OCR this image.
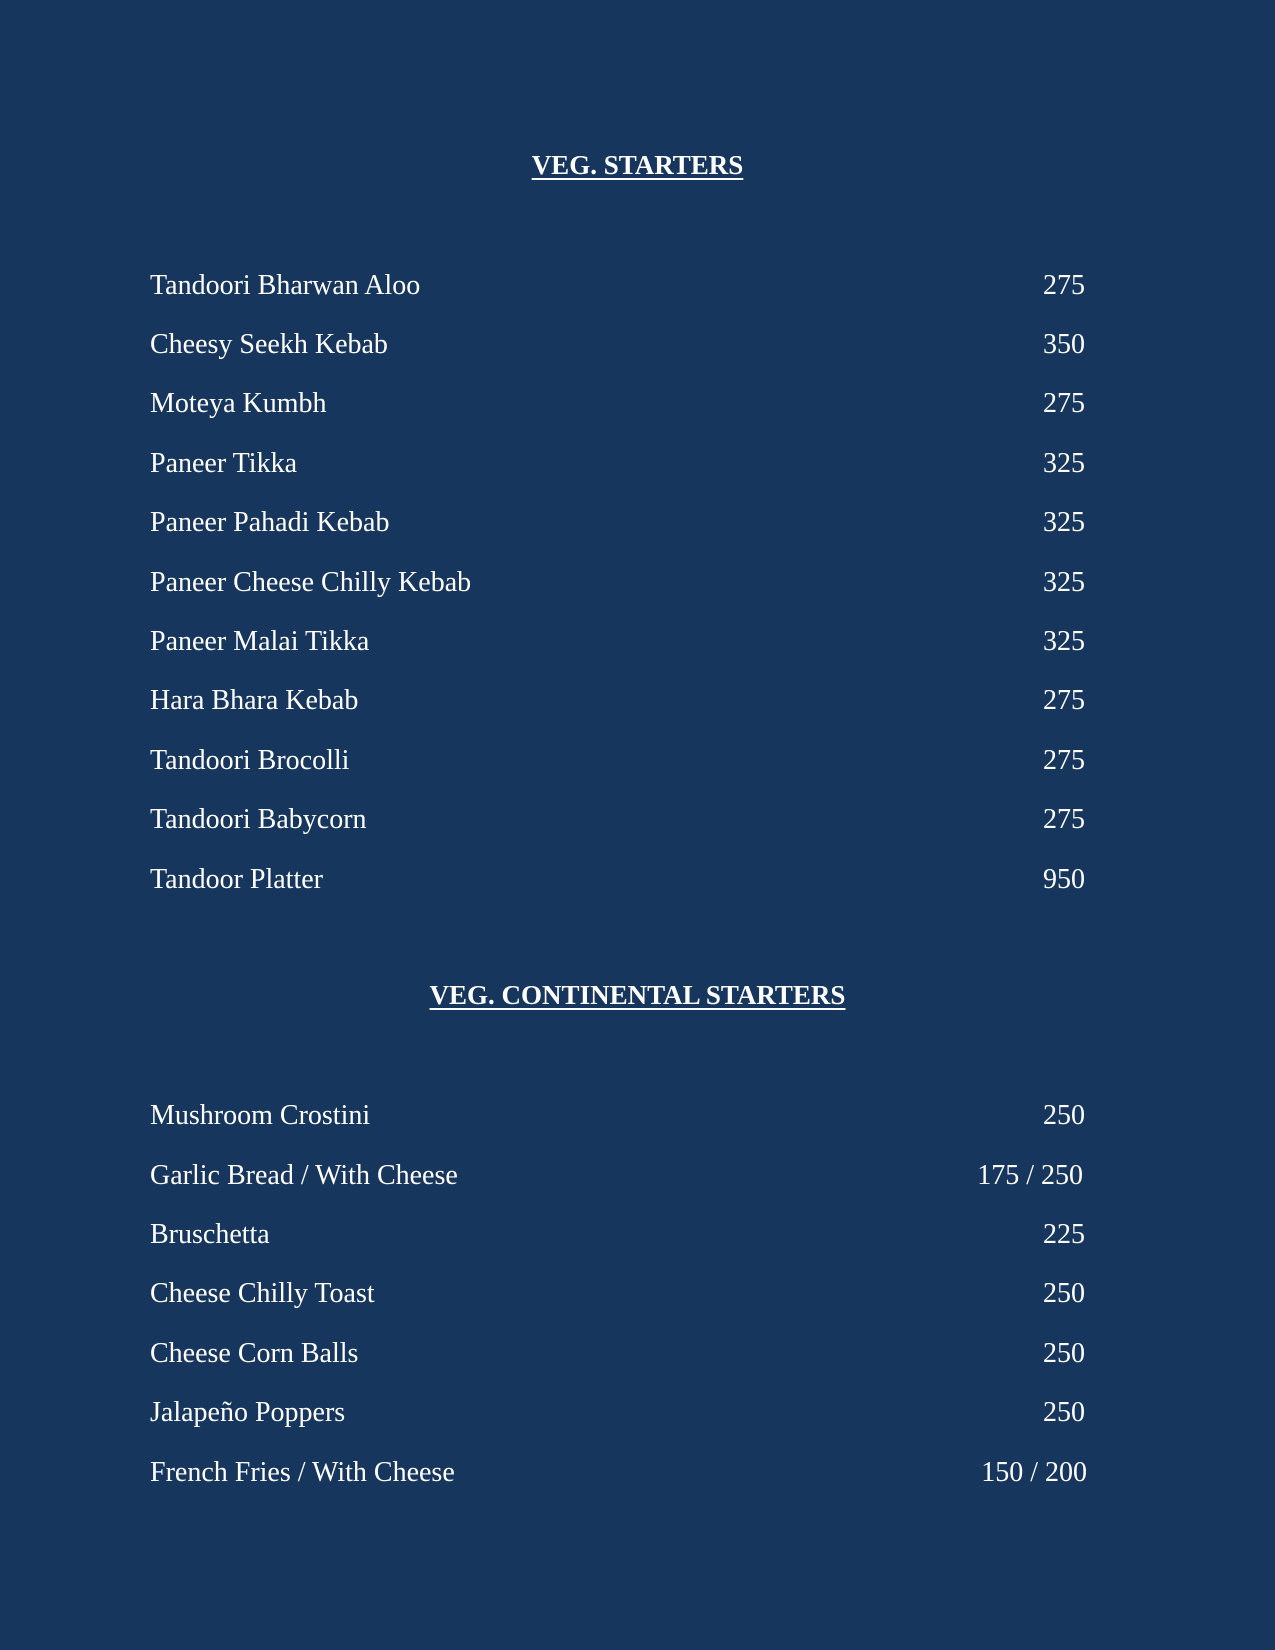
VEG. STARTERS
Tandoori Bharwan Aloo	275
Cheesy Seekh Kebab	350
Moteya Kumbh	275
Paneer Tikka	325
Paneer Pahadi Kebab	325
Paneer Cheese Chilly Kebab	325
Paneer Malai Tikka	325
Hara Bhara Kebab	275
Tandoori Brocolli	275
Tandoori Babycorn	275
Tandoor Platter	950
VEG. CONTINENTAL STARTERS
Mushroom Crostini	250
Garlic Bread / With Cheese	175 / 250
Bruschetta	225
Cheese Chilly Toast	250
Cheese Corn Balls	250
Jalapeño Poppers	250
French Fries / With Cheese	150 / 200
